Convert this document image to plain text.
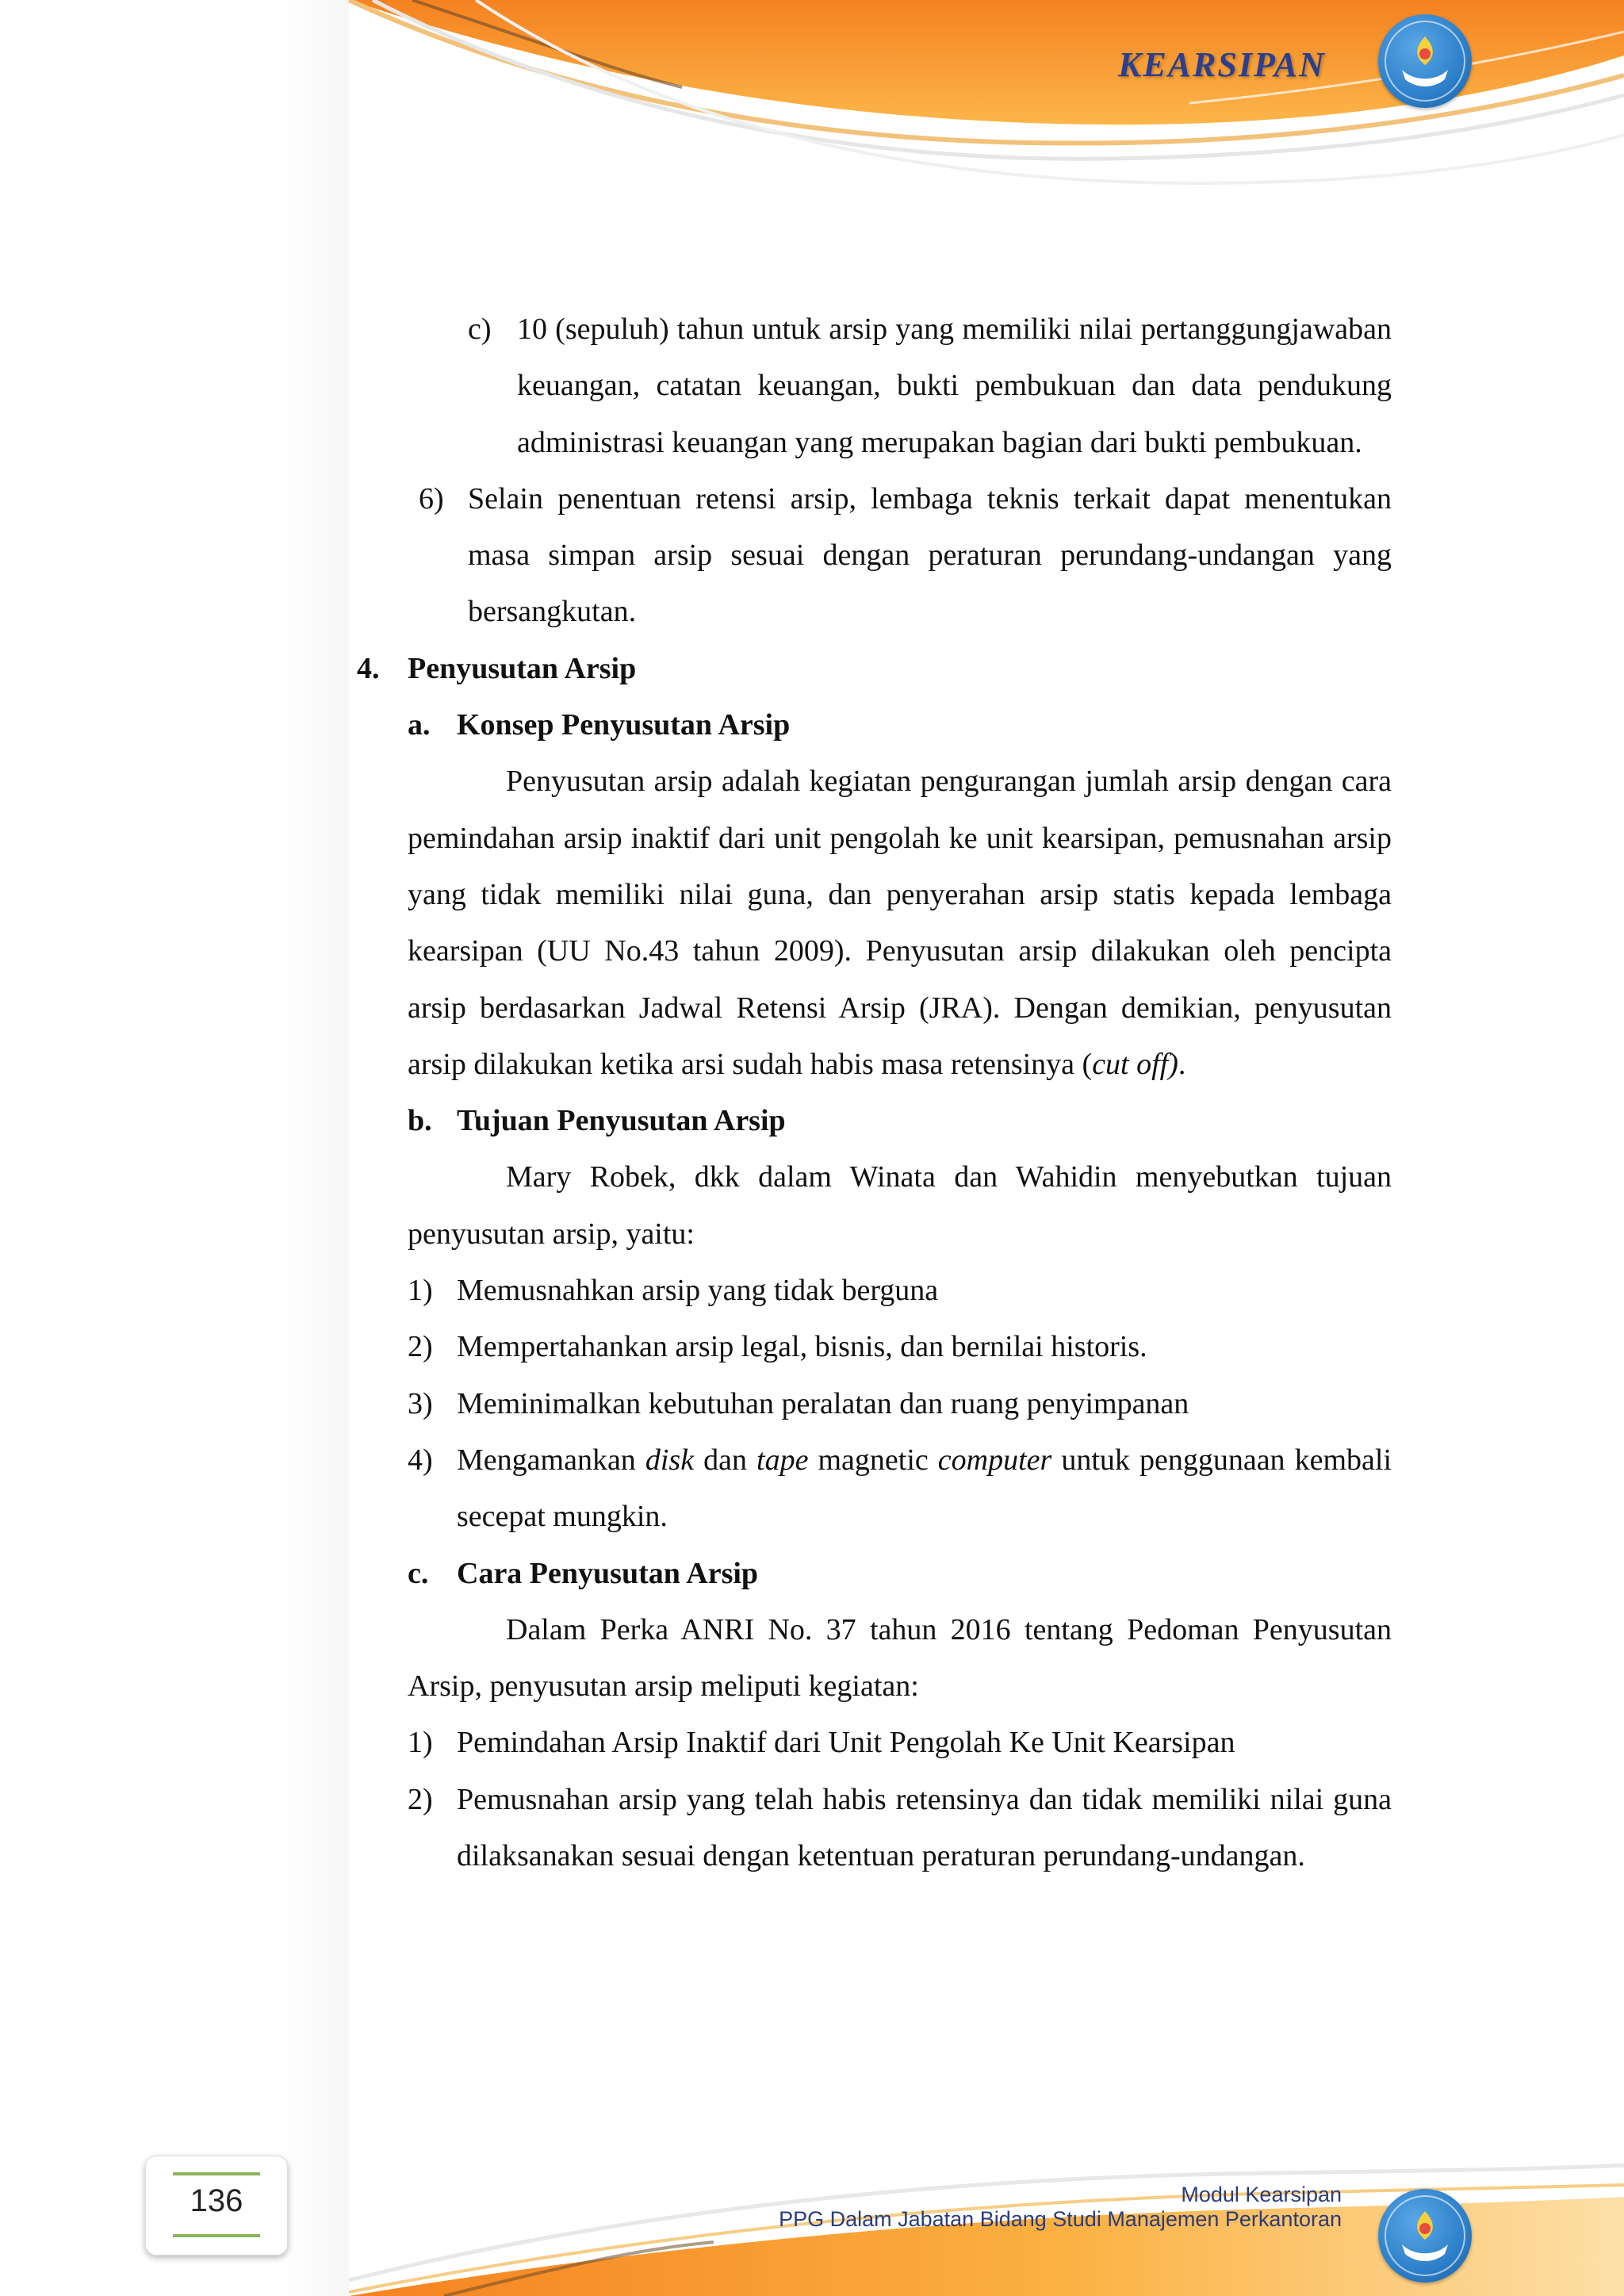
KEARSIPAN
c) 10 (sepuluh) tahun untuk arsip yang memiliki nilai pertanggungjawaban keuangan, catatan keuangan, bukti pembukuan dan data pendukung administrasi keuangan yang merupakan bagian dari bukti pembukuan.
6) Selain penentuan retensi arsip, lembaga teknis terkait dapat menentukan masa simpan arsip sesuai dengan peraturan perundang-undangan yang bersangkutan.
4. Penyusutan Arsip
a. Konsep Penyusutan Arsip
Penyusutan arsip adalah kegiatan pengurangan jumlah arsip dengan cara pemindahan arsip inaktif dari unit pengolah ke unit kearsipan, pemusnahan arsip yang tidak memiliki nilai guna, dan penyerahan arsip statis kepada lembaga kearsipan (UU No.43 tahun 2009). Penyusutan arsip dilakukan oleh pencipta arsip berdasarkan Jadwal Retensi Arsip (JRA). Dengan demikian, penyusutan arsip dilakukan ketika arsi sudah habis masa retensinya (cut off).
b. Tujuan Penyusutan Arsip
Mary Robek, dkk dalam Winata dan Wahidin menyebutkan tujuan penyusutan arsip, yaitu:
1) Memusnahkan arsip yang tidak berguna
2) Mempertahankan arsip legal, bisnis, dan bernilai historis.
3) Meminimalkan kebutuhan peralatan dan ruang penyimpanan
4) Mengamankan disk dan tape magnetic computer untuk penggunaan kembali secepat mungkin.
c. Cara Penyusutan Arsip
Dalam Perka ANRI No. 37 tahun 2016 tentang Pedoman Penyusutan Arsip, penyusutan arsip meliputi kegiatan:
1) Pemindahan Arsip Inaktif dari Unit Pengolah Ke Unit Kearsipan
2) Pemusnahan arsip yang telah habis retensinya dan tidak memiliki nilai guna dilaksanakan sesuai dengan ketentuan peraturan perundang-undangan.
136	Modul Kearsipan
PPG Dalam Jabatan Bidang Studi Manajemen Perkantoran
